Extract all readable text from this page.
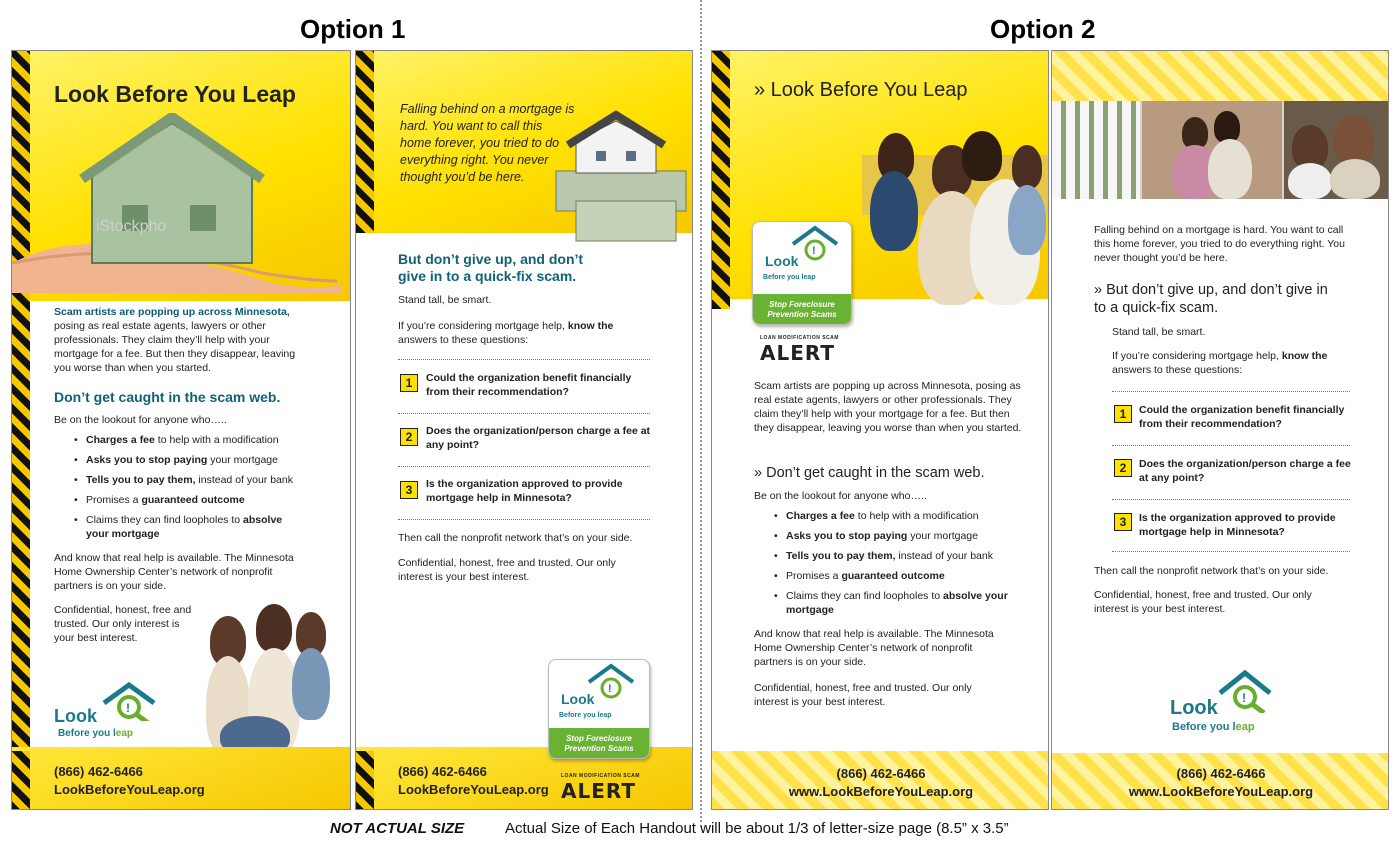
Option 1	Option 2
Look Before You Leap
iStockpho
Scam artists are popping up across Minnesota, posing as real estate agents, lawyers or other professionals. They claim they’ll help with your mortgage for a fee. But then they disappear, leaving you worse than when you started.
Don’t get caught in the scam web.
Be on the lookout for anyone who…..
• Charges a fee to help with a modification
• Asks you to stop paying your mortgage
• Tells you to pay them, instead of your bank
• Promises a guaranteed outcome
• Claims they can find loopholes to absolve your mortgage
And know that real help is available. The Minnesota Home Ownership Center’s network of nonprofit partners is on your side.
Confidential, honest, free and trusted. Our only interest is your best interest.
!
Look
Before you leap
(866) 462-6466
LookBeforeYouLeap.org
Falling behind on a mortgage is hard. You want to call this home forever, you tried to do everything right. You never thought you’d be here.
But don’t give up, and don’t give in to a quick-fix scam.
Stand tall, be smart.
If you’re considering mortgage help, know the
answers to these questions:
1	Could the organization benefit financially from their recommendation?
2	Does the organization/person charge a fee at any point?
3	Is the organization approved to provide mortgage help in Minnesota?
Then call the nonprofit network that’s on your side.
Confidential, honest, free and trusted. Our only interest is your best interest.
!
Look
Before you leap
Stop Foreclosure
Prevention Scams
(866) 462-6466
LookBeforeYouLeap.org
LOAN MODIFICATION SCAM
ALERT
» Look Before You Leap
!
Look
Before you leap
Stop Foreclosure
Prevention Scams
LOAN MODIFICATION SCAM
ALERT
Scam artists are popping up across Minnesota, posing as real estate agents, lawyers or other professionals. They claim they’ll help with your mortgage for a fee. But then they disappear, leaving you worse than when you started.
» Don’t get caught in the scam web.
Be on the lookout for anyone who…..
• Charges a fee to help with a modification
• Asks you to stop paying your mortgage
• Tells you to pay them, instead of your bank
• Promises a guaranteed outcome
• Claims they can find loopholes to absolve your mortgage
And know that real help is available. The Minnesota Home Ownership Center’s network of nonprofit partners is on your side.
Confidential, honest, free and trusted. Our only interest is your best interest.
(866) 462-6466
www.LookBeforeYouLeap.org
Falling behind on a mortgage is hard. You want to call this home forever, you tried to do everything right. You never thought you’d be here.
» But don’t give up, and don’t give in to a quick-fix scam.
Stand tall, be smart.
If you’re considering mortgage help, know the
answers to these questions:
1	Could the organization benefit financially from their recommendation?
2	Does the organization/person charge a fee at any point?
3	Is the organization approved to provide mortgage help in Minnesota?
Then call the nonprofit network that’s on your side.
Confidential, honest, free and trusted. Our only interest is your best interest.
!
Look
Before you leap
(866) 462-6466
www.LookBeforeYouLeap.org
NOT ACTUAL SIZE	Actual Size of Each Handout will be about 1/3 of letter-size page (8.5” x 3.5”
